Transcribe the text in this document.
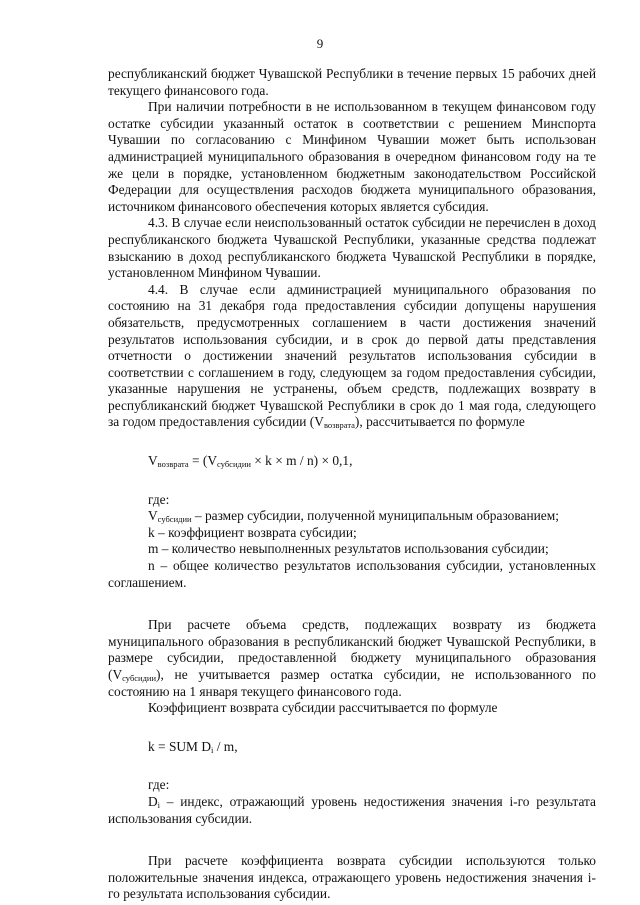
9

республиканский бюджет Чувашской Республики в течение первых 15 рабочих дней текущего финансового года.

При наличии потребности в не использованном в текущем финансовом году остатке субсидии указанный остаток в соответствии с решением Минспорта Чувашии по согласованию с Минфином Чувашии может быть использован администрацией муниципального образования в очередном финансовом году на те же цели в порядке, установленном бюджетным законодательством Российской Федерации для осуществления расходов бюджета муниципального образования, источником финансового обеспечения которых является субсидия.

4.3. В случае если неиспользованный остаток субсидии не перечислен в доход республиканского бюджета Чувашской Республики, указанные средства подлежат взысканию в доход республиканского бюджета Чувашской Республики в порядке, установленном Минфином Чувашии.

4.4. В случае если администрацией муниципального образования по состоянию на 31 декабря года предоставления субсидии допущены нарушения обязательств, предусмотренных соглашением в части достижения значений результатов использования субсидии, и в срок до первой даты представления отчетности о достижении значений результатов использования субсидии в соответствии с соглашением в году, следующем за годом предоставления субсидии, указанные нарушения не устранены, объем средств, подлежащих возврату в республиканский бюджет Чувашской Республики в срок до 1 мая года, следующего за годом предоставления субсидии $(V_{возврата})$, рассчитывается по формуле

$V_{возврата} = (V_{субсидии} \times k \times m / n) \times 0,1$,

где:

$V_{субсидии}$ – размер субсидии, полученной муниципальным образованием;

k – коэффициент возврата субсидии;

m – количество невыполненных результатов использования субсидии;

n – общее количество результатов использования субсидии, установленных соглашением.

При расчете объема средств, подлежащих возврату из бюджета муниципального образования в республиканский бюджет Чувашской Республики, в размере субсидии, предоставленной бюджету муниципального образования $(V_{субсидии})$, не учитывается размер остатка субсидии, не использованного по состоянию на 1 января текущего финансового года.

Коэффициент возврата субсидии рассчитывается по формуле

k = SUM $D_i$ / m,

где:

$D_i$ – индекс, отражающий уровень недостижения значения i-го результата использования субсидии.

При расчете коэффициента возврата субсидии используются только положительные значения индекса, отражающего уровень недостижения значения i-го результата использования субсидии.
